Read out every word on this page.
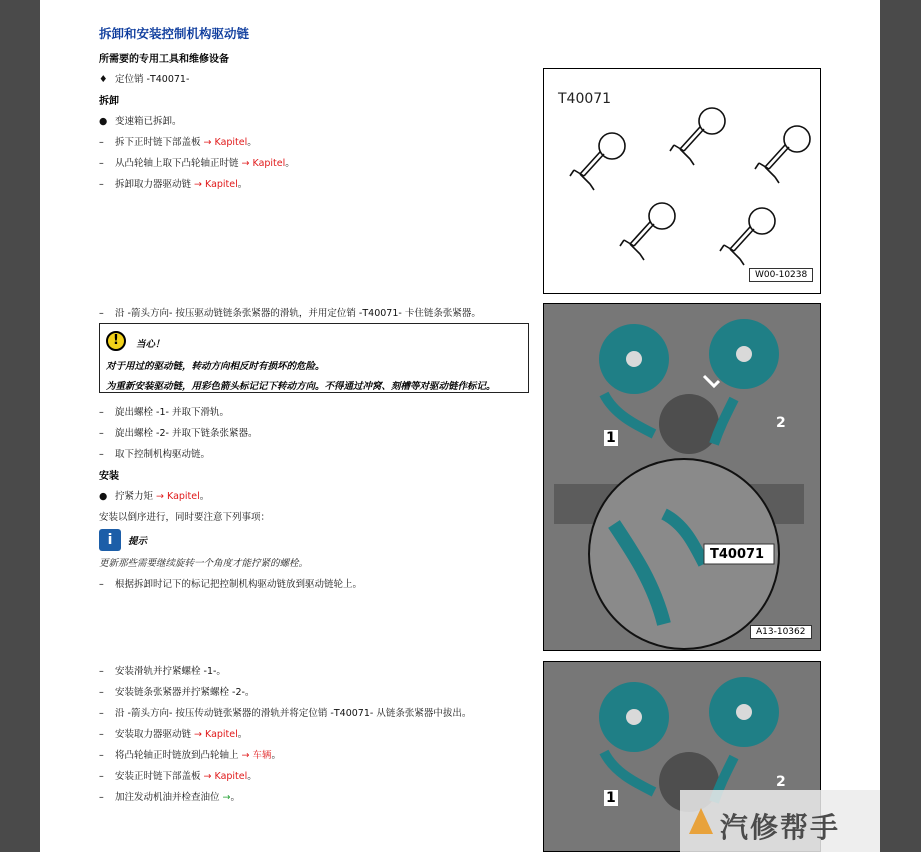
拆卸和安装控制机构驱动链
所需要的专用工具和维修设备
♦ 定位销 -T40071-
拆卸
● 变速箱已拆卸。
– 拆下正时链下部盖板 → Kapitel。
– 从凸轮轴上取下凸轮轴正时链 → Kapitel。
– 拆卸取力器驱动链 → Kapitel。
– 沿 -箭头方向- 按压驱动链链条张紧器的滑轨，并用定位销 -T40071- 卡住链条张紧器。
!	当心！
对于用过的驱动链，转动方向相反时有损坏的危险。
为重新安装驱动链，用彩色箭头标记记下转动方向。不得通过冲窝、刻槽等对驱动链作标记。
– 旋出螺栓 -1- 并取下滑轨。
– 旋出螺栓 -2- 并取下链条张紧器。
– 取下控制机构驱动链。
安装
● 拧紧力矩 → Kapitel。
安装以倒序进行，同时要注意下列事项：
i	提示
更新那些需要继续旋转一个角度才能拧紧的螺栓。
– 根据拆卸时记下的标记把控制机构驱动链放到驱动链轮上。
– 安装滑轨并拧紧螺栓 -1-。
– 安装链条张紧器并拧紧螺栓 -2-。
– 沿 -箭头方向- 按压传动链张紧器的滑轨并将定位销 -T40071- 从链条张紧器中拔出。
– 安装取力器驱动链 → Kapitel。
– 将凸轮轴正时链放到凸轮轴上 → 车辆。
– 安装正时链下部盖板 → Kapitel。
– 加注发动机油并检查油位 →。
T40071
W00-10238
1
2
T40071
A13-10362
1
2
汽修帮手
